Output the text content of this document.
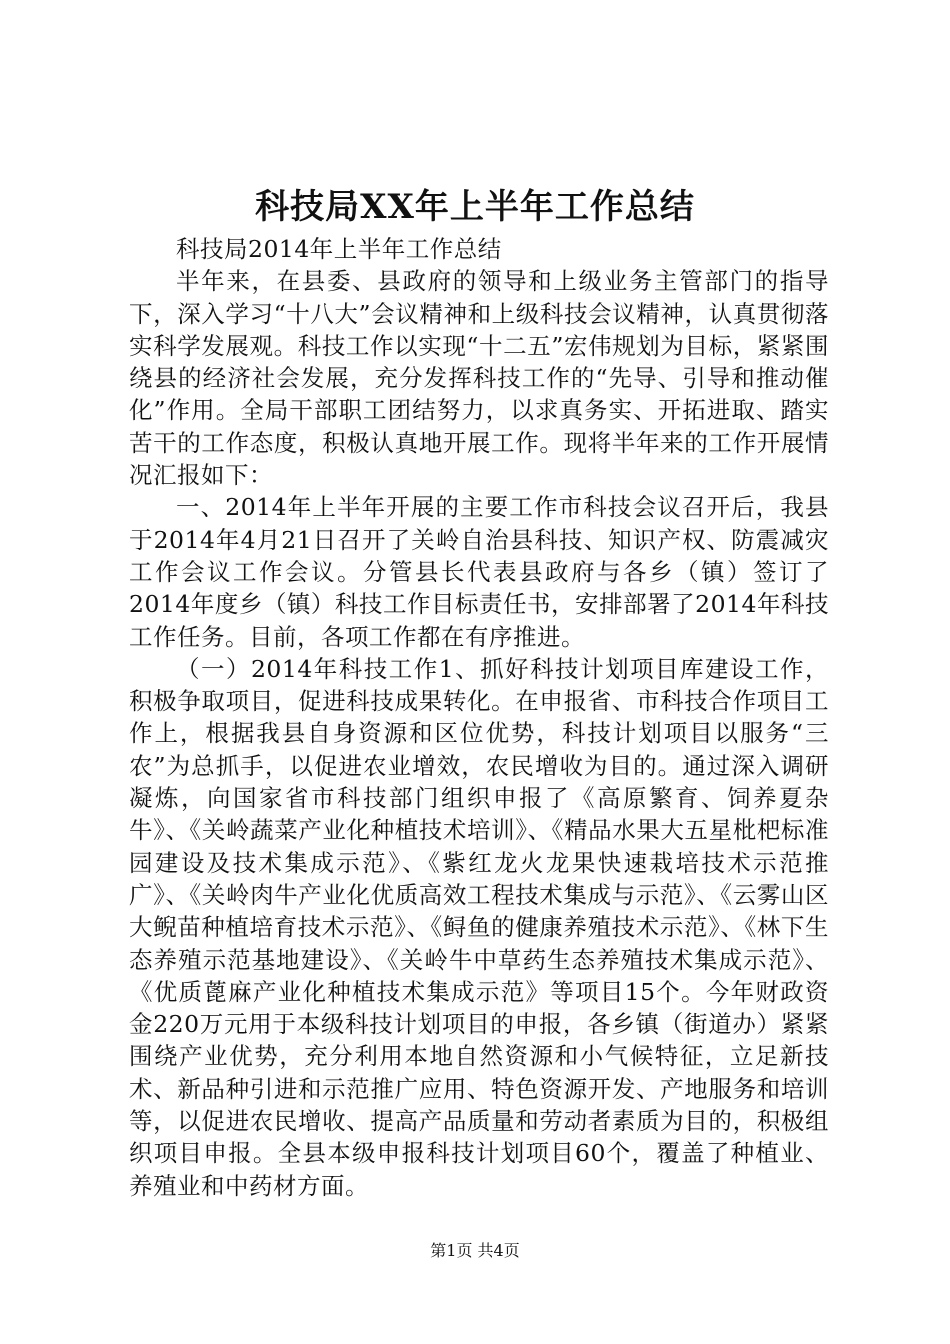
科技局XX年上半年工作总结

科技局2014年上半年工作总结

半年来，在县委、县政府的领导和上级业务主管部门的指导下，深入学习“十八大”会议精神和上级科技会议精神，认真贯彻落实科学发展观。科技工作以实现“十二五”宏伟规划为目标，紧紧围绕县的经济社会发展，充分发挥科技工作的“先导、引导和推动催化”作用。全局干部职工团结努力，以求真务实、开拓进取、踏实苦干的工作态度，积极认真地开展工作。现将半年来的工作开展情况汇报如下：

一、2014年上半年开展的主要工作市科技会议召开后，我县于2014年4月21日召开了关岭自治县科技、知识产权、防震减灾工作会议工作会议。分管县长代表县政府与各乡（镇）签订了2014年度乡（镇）科技工作目标责任书，安排部署了2014年科技工作任务。目前，各项工作都在有序推进。

（一）2014年科技工作1、抓好科技计划项目库建设工作，积极争取项目，促进科技成果转化。在申报省、市科技合作项目工作上，根据我县自身资源和区位优势，科技计划项目以服务“三农”为总抓手，以促进农业增效，农民增收为目的。通过深入调研凝炼，向国家省市科技部门组织申报了《高原繁育、饲养夏杂牛》、《关岭蔬菜产业化种植技术培训》、《精品水果大五星枇杷标准园建设及技术集成示范》、《紫红龙火龙果快速栽培技术示范推广》、《关岭肉牛产业化优质高效工程技术集成与示范》、《云雾山区大鲵苗种植培育技术示范》、《鲟鱼的健康养殖技术示范》、《林下生态养殖示范基地建设》、《关岭牛中草药生态养殖技术集成示范》、《优质蓖麻产业化种植技术集成示范》等项目15个。今年财政资金220万元用于本级科技计划项目的申报，各乡镇（街道办）紧紧围绕产业优势，充分利用本地自然资源和小气候特征，立足新技术、新品种引进和示范推广应用、特色资源开发、产地服务和培训等，以促进农民增收、提高产品质量和劳动者素质为目的，积极组织项目申报。全县本级申报科技计划项目60个，覆盖了种植业、养殖业和中药材方面。

第1页 共4页
